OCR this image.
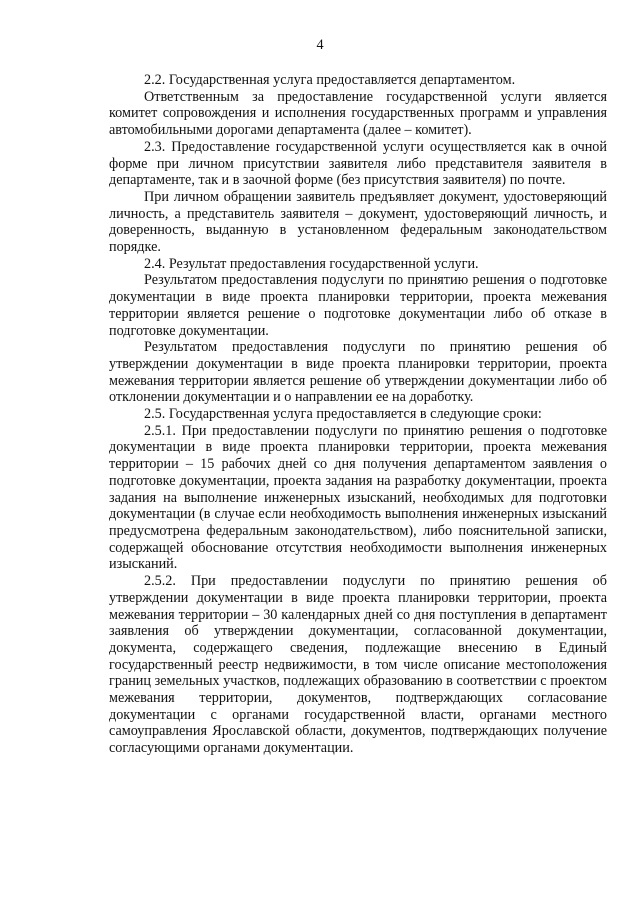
4

2.2. Государственная услуга предоставляется департаментом.

Ответственным за предоставление государственной услуги является комитет сопровождения и исполнения государственных программ и управления автомобильными дорогами департамента (далее – комитет).

2.3. Предоставление государственной услуги осуществляется как в очной форме при личном присутствии заявителя либо представителя заявителя в департаменте, так и в заочной форме (без присутствия заявителя) по почте.

При личном обращении заявитель предъявляет документ, удостоверяющий личность, а представитель заявителя – документ, удостоверяющий личность, и доверенность, выданную в установленном федеральным законодательством порядке.

2.4. Результат предоставления государственной услуги.

Результатом предоставления подуслуги по принятию решения о подготовке документации в виде проекта планировки территории, проекта межевания территории является решение о подготовке документации либо об отказе в подготовке документации.

Результатом предоставления подуслуги по принятию решения об утверждении документации в виде проекта планировки территории, проекта межевания территории является решение об утверждении документации либо об отклонении документации и о направлении ее на доработку.

2.5. Государственная услуга предоставляется в следующие сроки:

2.5.1. При предоставлении подуслуги по принятию решения о подготовке документации в виде проекта планировки территории, проекта межевания территории – 15 рабочих дней со дня получения департаментом заявления о подготовке документации, проекта задания на разработку документации, проекта задания на выполнение инженерных изысканий, необходимых для подготовки документации (в случае если необходимость выполнения инженерных изысканий предусмотрена федеральным законодательством), либо пояснительной записки, содержащей обоснование отсутствия необходимости выполнения инженерных изысканий.

2.5.2. При предоставлении подуслуги по принятию решения об утверждении документации в виде проекта планировки территории, проекта межевания территории – 30 календарных дней со дня поступления в департамент заявления об утверждении документации, согласованной документации, документа, содержащего сведения, подлежащие внесению в Единый государственный реестр недвижимости, в том числе описание местоположения границ земельных участков, подлежащих образованию в соответствии с проектом межевания территории, документов, подтверждающих согласование документации с органами государственной власти, органами местного самоуправления Ярославской области, документов, подтверждающих получение согласующими органами документации.
